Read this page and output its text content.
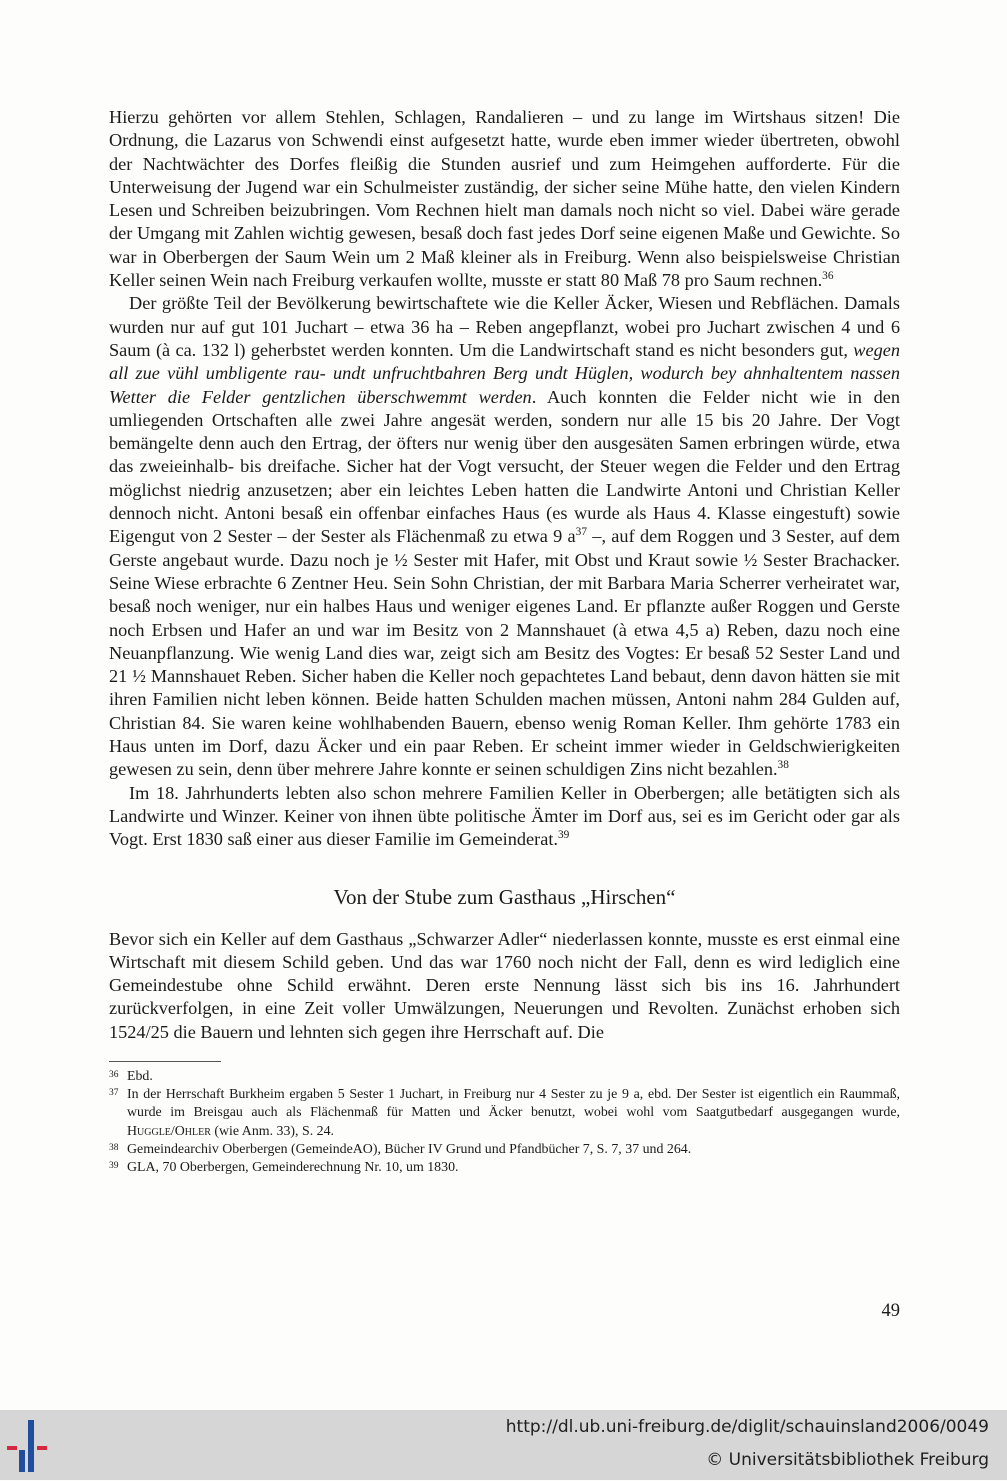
Hierzu gehörten vor allem Stehlen, Schlagen, Randalieren – und zu lange im Wirtshaus sitzen! Die Ordnung, die Lazarus von Schwendi einst aufgesetzt hatte, wurde eben immer wieder übertreten, obwohl der Nachtwächter des Dorfes fleißig die Stunden ausrief und zum Heimgehen aufforderte. Für die Unterweisung der Jugend war ein Schulmeister zuständig, der sicher seine Mühe hatte, den vielen Kindern Lesen und Schreiben beizubringen. Vom Rechnen hielt man damals noch nicht so viel. Dabei wäre gerade der Umgang mit Zahlen wichtig gewesen, besaß doch fast jedes Dorf seine eigenen Maße und Gewichte. So war in Oberbergen der Saum Wein um 2 Maß kleiner als in Freiburg. Wenn also beispielsweise Christian Keller seinen Wein nach Freiburg verkaufen wollte, musste er statt 80 Maß 78 pro Saum rechnen.$^{36}$

Der größte Teil der Bevölkerung bewirtschaftete wie die Keller Äcker, Wiesen und Rebflächen. Damals wurden nur auf gut 101 Juchart – etwa 36 ha – Reben angepflanzt, wobei pro Juchart zwischen 4 und 6 Saum (à ca. 132 l) geherbstet werden konnten. Um die Landwirtschaft stand es nicht besonders gut, wegen all zue vühl umbligente rau- undt unfruchtbahren Berg undt Hüglen, wodurch bey ahnhaltentem nassen Wetter die Felder gentzlichen überschwemmt werden. Auch konnten die Felder nicht wie in den umliegenden Ortschaften alle zwei Jahre angesät werden, sondern nur alle 15 bis 20 Jahre. Der Vogt bemängelte denn auch den Ertrag, der öfters nur wenig über den ausgesäten Samen erbringen würde, etwa das zweieinhalb- bis dreifache. Sicher hat der Vogt versucht, der Steuer wegen die Felder und den Ertrag möglichst niedrig anzusetzen; aber ein leichtes Leben hatten die Landwirte Antoni und Christian Keller dennoch nicht. Antoni besaß ein offenbar einfaches Haus (es wurde als Haus 4. Klasse eingestuft) sowie Eigengut von 2 Sester – der Sester als Flächenmaß zu etwa 9 $a^{37}$ –, auf dem Roggen und 3 Sester, auf dem Gerste angebaut wurde. Dazu noch je ½ Sester mit Hafer, mit Obst und Kraut sowie ½ Sester Brachacker. Seine Wiese erbrachte 6 Zentner Heu. Sein Sohn Christian, der mit Barbara Maria Scherrer verheiratet war, besaß noch weniger, nur ein halbes Haus und weniger eigenes Land. Er pflanzte außer Roggen und Gerste noch Erbsen und Hafer an und war im Besitz von 2 Mannshauet (à etwa 4,5 a) Reben, dazu noch eine Neuanpflanzung. Wie wenig Land dies war, zeigt sich am Besitz des Vogtes: Er besaß 52 Sester Land und 21 ½ Mannshauet Reben. Sicher haben die Keller noch gepachtetes Land bebaut, denn davon hätten sie mit ihren Familien nicht leben können. Beide hatten Schulden machen müssen, Antoni nahm 284 Gulden auf, Christian 84. Sie waren keine wohlhabenden Bauern, ebenso wenig Roman Keller. Ihm gehörte 1783 ein Haus unten im Dorf, dazu Äcker und ein paar Reben. Er scheint immer wieder in Geldschwierigkeiten gewesen zu sein, denn über mehrere Jahre konnte er seinen schuldigen Zins nicht bezahlen.$^{38}$

Im 18. Jahrhunderts lebten also schon mehrere Familien Keller in Oberbergen; alle betätigten sich als Landwirte und Winzer. Keiner von ihnen übte politische Ämter im Dorf aus, sei es im Gericht oder gar als Vogt. Erst 1830 saß einer aus dieser Familie im Gemeinderat.$^{39}$

Von der Stube zum Gasthaus „Hirschen“

Bevor sich ein Keller auf dem Gasthaus „Schwarzer Adler“ niederlassen konnte, musste es erst einmal eine Wirtschaft mit diesem Schild geben. Und das war 1760 noch nicht der Fall, denn es wird lediglich eine Gemeindestube ohne Schild erwähnt. Deren erste Nennung lässt sich bis ins 16. Jahrhundert zurückverfolgen, in eine Zeit voller Umwälzungen, Neuerungen und Revolten. Zunächst erhoben sich 1524/25 die Bauern und lehnten sich gegen ihre Herrschaft auf. Die

36 Ebd.
37 In der Herrschaft Burkheim ergaben 5 Sester 1 Juchart, in Freiburg nur 4 Sester zu je 9 a, ebd. Der Sester ist eigentlich ein Raummaß, wurde im Breisgau auch als Flächenmaß für Matten und Äcker benutzt, wobei wohl vom Saatgutbedarf ausgegangen wurde, Huggle/Ohler (wie Anm. 33), S. 24.
38 Gemeindearchiv Oberbergen (GemeindeAO), Bücher IV Grund und Pfandbücher 7, S. 7, 37 und 264.
39 GLA, 70 Oberbergen, Gemeinderechnung Nr. 10, um 1830.
49
http://dl.ub.uni-freiburg.de/diglit/schauinsland2006/0049
© Universitätsbibliothek Freiburg
